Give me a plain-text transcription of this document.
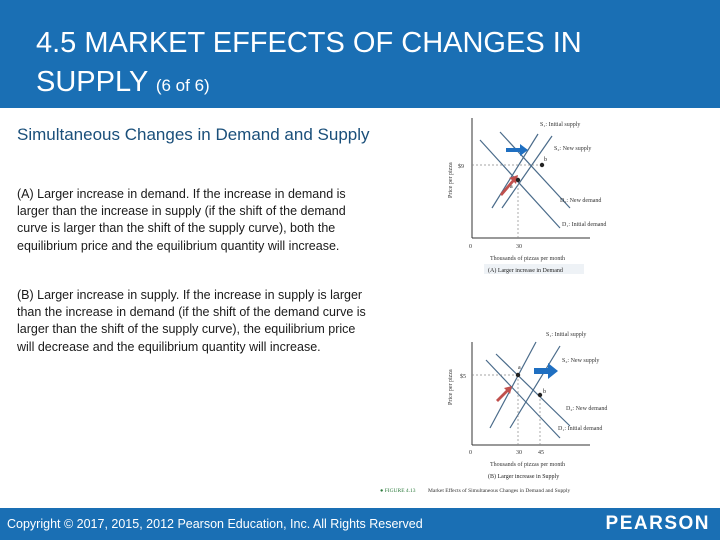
4.5 MARKET EFFECTS OF CHANGES IN SUPPLY (6 of 6)
Simultaneous Changes in Demand and Supply
(A) Larger increase in demand. If the increase in demand is larger than the increase in supply (if the shift of the demand curve is larger than the shift of the supply curve), both the equilibrium price and the equilibrium quantity will increase.
(B) Larger increase in supply. If the increase in supply is larger than the increase in demand (if the shift of the demand curve is larger than the shift of the supply curve), the equilibrium price will decrease and the equilibrium quantity will increase.
Price per pizza $9
0	30
Thousands of pizzas per month
(A) Larger increase in Demand
a
b
S₁: Initial supply
S₂: New supply
D₂: New demand
D₁: Initial demand
Price per pizza $5
0	30	45
Thousands of pizzas per month
(B) Larger increase in Supply
a
b
S₁: Initial supply
S₂: New supply
D₂: New demand
D₁: Initial demand
● FIGURE 4.13 Market Effects of Simultaneous Changes in Demand and Supply
Copyright © 2017, 2015, 2012 Pearson Education, Inc. All Rights Reserved	PEARSON
